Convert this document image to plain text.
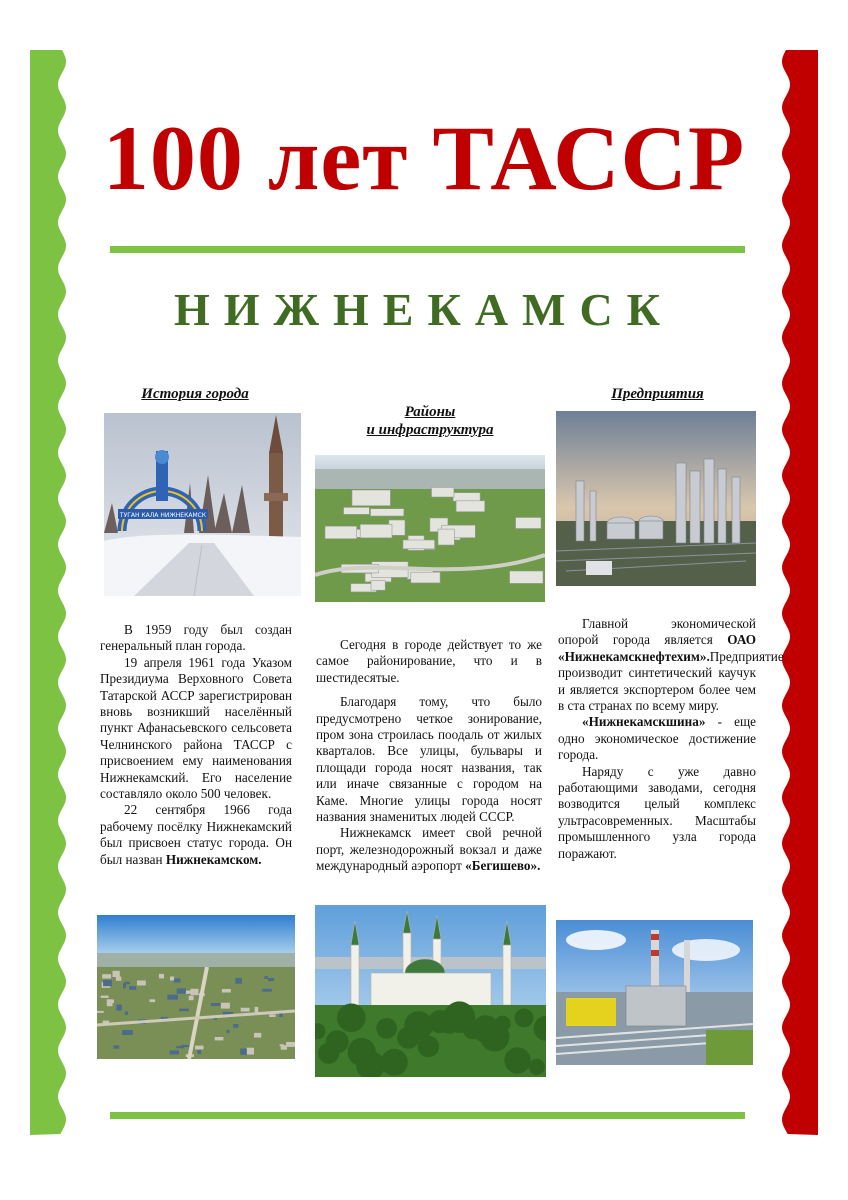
100 лет ТАССР
НИЖНЕКАМСК
История города
Районы
и инфраструктура
Предприятия
ТУГАН КАЛА НИЖНЕКАМСК

В 1959 году был создан генеральный план города.

19 апреля 1961 года Указом Президиума Верховного Совета Татарской АССР зарегистрирован вновь возникший населённый пункт Афанасьевского сельсовета Челнинского района ТАССР с присвоением ему наименования Нижнекамский. Его население составляло около 500 человек.

22 сентября 1966 года рабочему посёлку Нижнекамский был присвоен статус города. Он был назван Нижнекамском.

Сегодня в городе действует то же самое районирование, что и в шестидесятые.

Благодаря тому, что было предусмотрено четкое зонирование, пром зона строилась поодаль от жилых кварталов. Все улицы, бульвары и площади города носят названия, так или иначе связанные с городом на Каме. Многие улицы города носят названия знаменитых людей СССР.

Нижнекамск имеет свой речной порт, железнодорожный вокзал и даже международный аэропорт «Бегишево».

Главной экономической опорой города является ОАО «Нижнекамскнефтехим».Предприятие производит синтетический каучук и является экспортером более чем в ста странах по всему миру.

«Нижнекамскшина» - еще одно экономическое достижение города.

Наряду с уже давно работающими заводами, сегодня возводится целый комплекс ультрасовременных. Масштабы промышленного узла города поражают.
